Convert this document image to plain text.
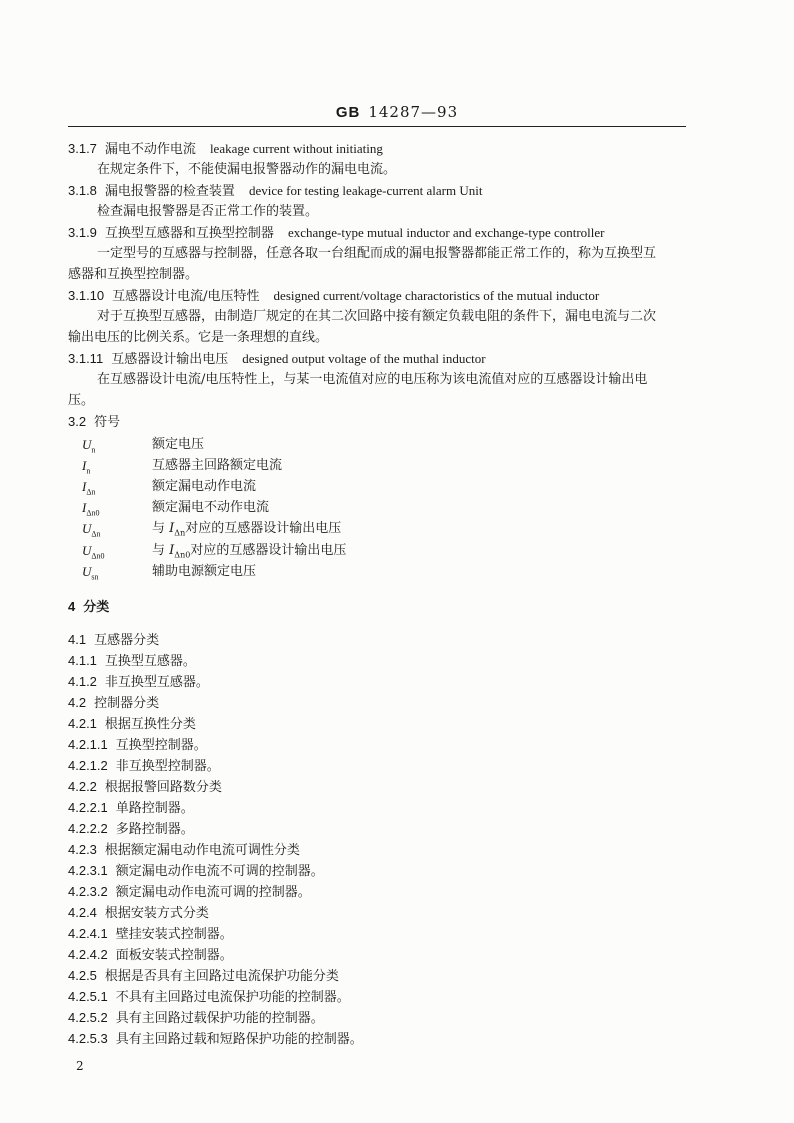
GB 14287—93
3.1.7 漏电不动作电流 leakage current without initiating
在规定条件下，不能使漏电报警器动作的漏电电流。
3.1.8 漏电报警器的检查装置 device for testing leakage-current alarm Unit
检查漏电报警器是否正常工作的装置。
3.1.9 互换型互感器和互换型控制器 exchange-type mutual inductor and exchange-type controller
一定型号的互感器与控制器，任意各取一台组配而成的漏电报警器都能正常工作的，称为互换型互
感器和互换型控制器。
3.1.10 互感器设计电流/电压特性 designed current/voltage charactoristics of the mutual inductor
对于互换型互感器，由制造厂规定的在其二次回路中接有额定负载电阻的条件下，漏电电流与二次
输出电压的比例关系。它是一条理想的直线。
3.1.11 互感器设计输出电压 designed output voltage of the muthal inductor
在互感器设计电流/电压特性上，与某一电流值对应的电压称为该电流值对应的互感器设计输出电
压。
3.2 符号
$U_n$	额定电压
$I_n$	互感器主回路额定电流
$I_{\Delta n}$	额定漏电动作电流
$I_{\Delta n0}$	额定漏电不动作电流
$U_{\Delta n}$	与 $I_{\Delta n}$对应的互感器设计输出电压
$U_{\Delta n0}$	与 $I_{\Delta n0}$对应的互感器设计输出电压
$U_{sn}$	辅助电源额定电压
4 分类
4.1 互感器分类
4.1.1 互换型互感器。
4.1.2 非互换型互感器。
4.2 控制器分类
4.2.1 根据互换性分类
4.2.1.1 互换型控制器。
4.2.1.2 非互换型控制器。
4.2.2 根据报警回路数分类
4.2.2.1 单路控制器。
4.2.2.2 多路控制器。
4.2.3 根据额定漏电动作电流可调性分类
4.2.3.1 额定漏电动作电流不可调的控制器。
4.2.3.2 额定漏电动作电流可调的控制器。
4.2.4 根据安装方式分类
4.2.4.1 壁挂安装式控制器。
4.2.4.2 面板安装式控制器。
4.2.5 根据是否具有主回路过电流保护功能分类
4.2.5.1 不具有主回路过电流保护功能的控制器。
4.2.5.2 具有主回路过载保护功能的控制器。
4.2.5.3 具有主回路过载和短路保护功能的控制器。
2
